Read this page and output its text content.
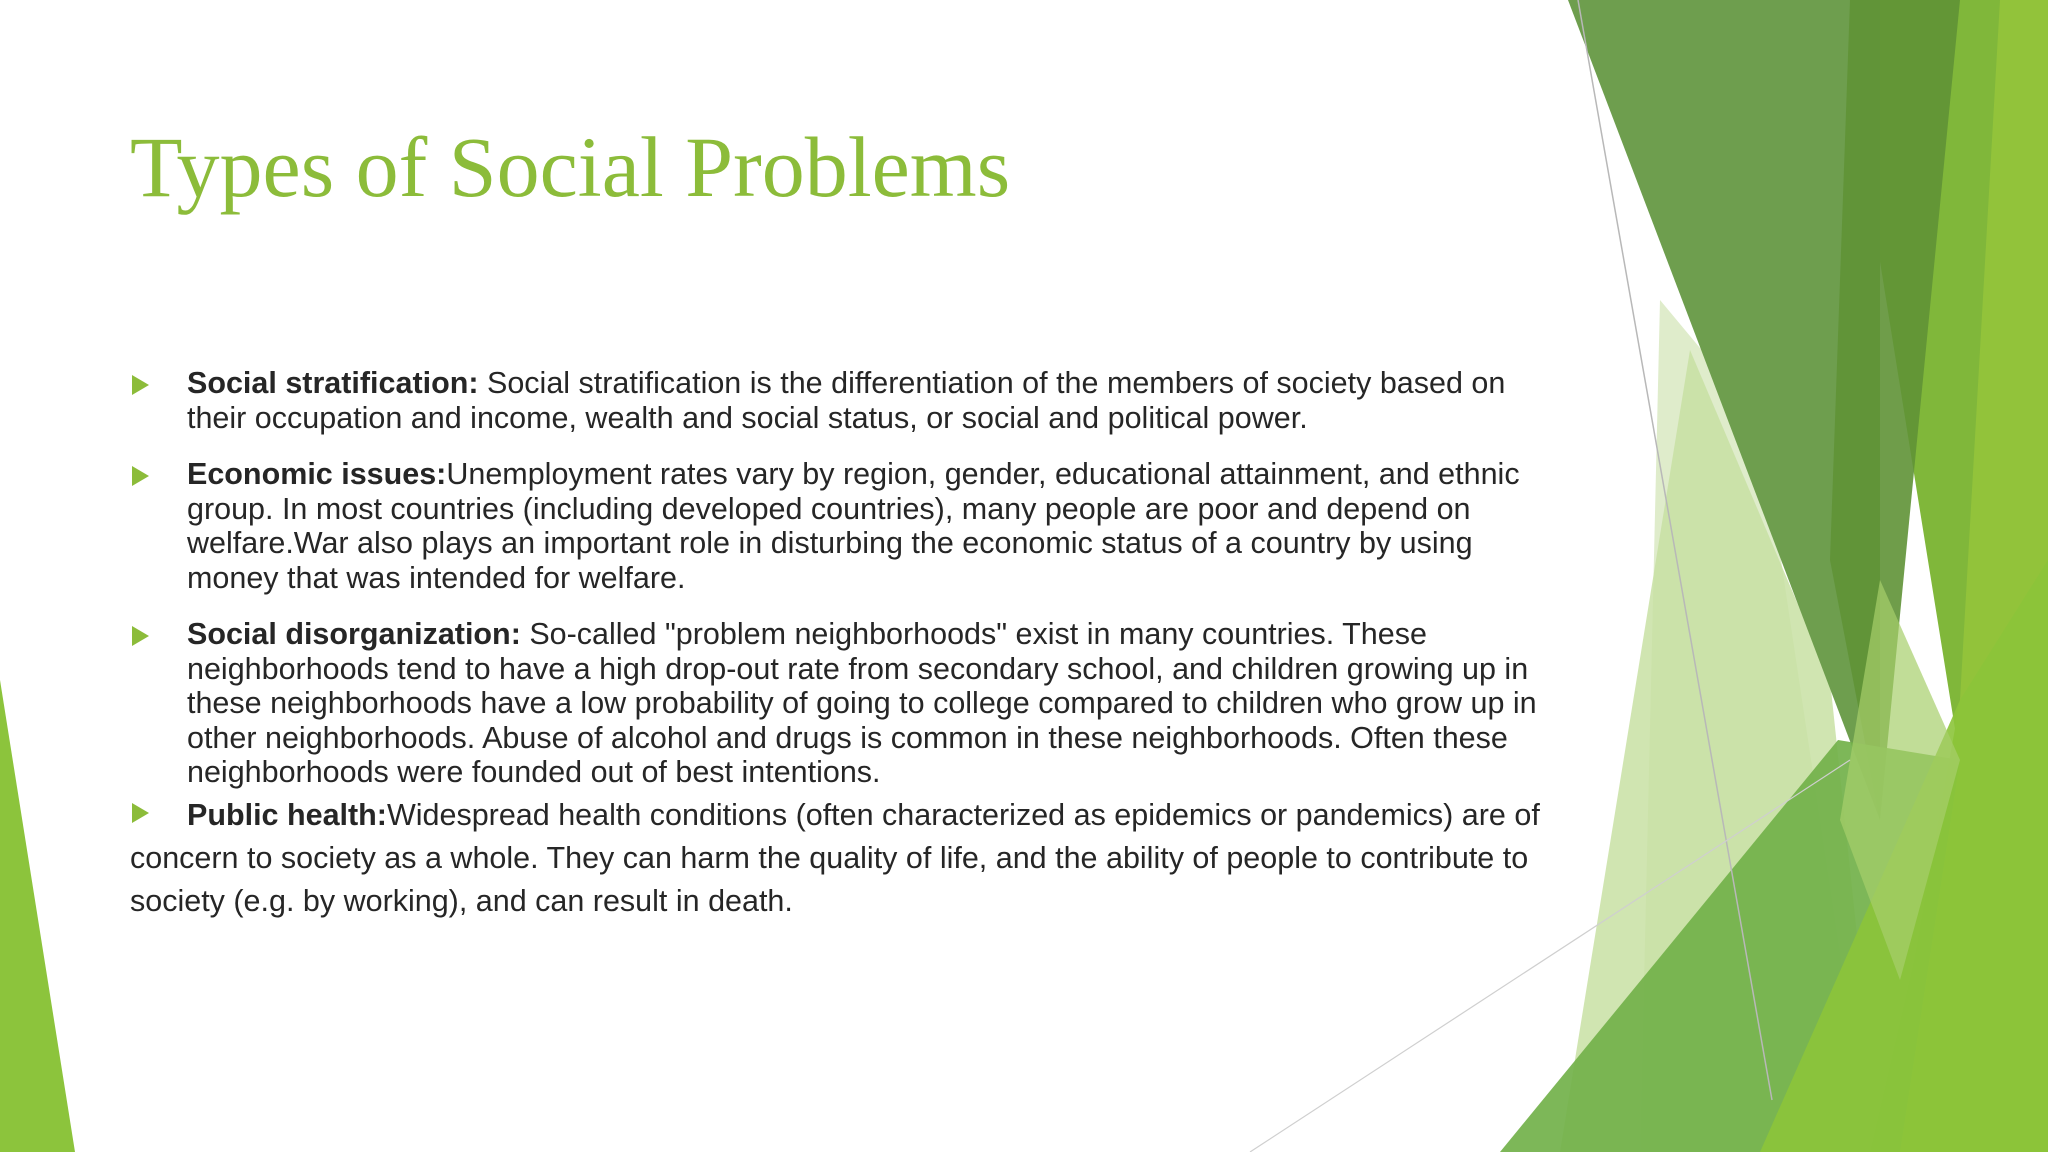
Types of Social Problems
Social stratification: Social stratification is the differentiation of the members of society based on their occupation and income, wealth and social status, or social and political power.
Economic issues:Unemployment rates vary by region, gender, educational attainment, and ethnic group. In most countries (including developed countries), many people are poor and depend on welfare.War also plays an important role in disturbing the economic status of a country by using money that was intended for welfare.
Social disorganization: So-called "problem neighborhoods" exist in many countries. These neighborhoods tend to have a high drop-out rate from secondary school, and children growing up in these neighborhoods have a low probability of going to college compared to children who grow up in other neighborhoods. Abuse of alcohol and drugs is common in these neighborhoods. Often these neighborhoods were founded out of best intentions.
Public health:Widespread health conditions (often characterized as epidemics or pandemics) are of concern to society as a whole. They can harm the quality of life, and the ability of people to contribute to society (e.g. by working), and can result in death.
